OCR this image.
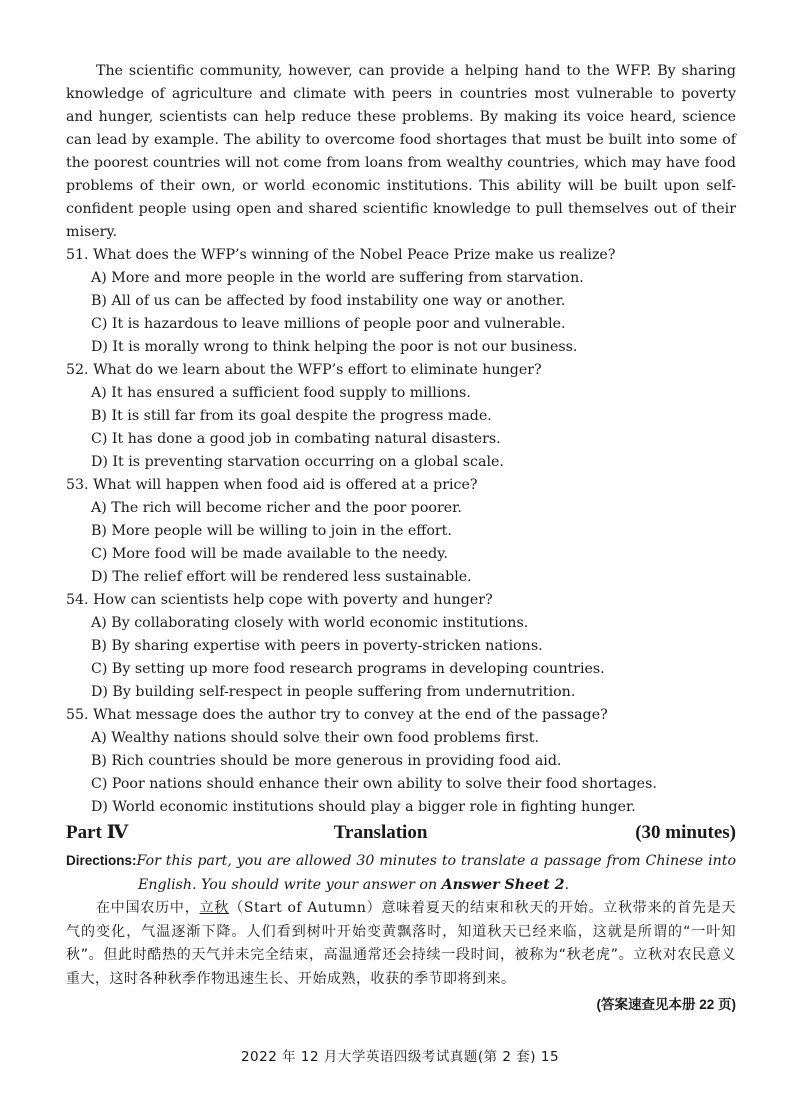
The scientific community, however, can provide a helping hand to the WFP. By sharing knowledge of agriculture and climate with peers in countries most vulnerable to poverty and hunger, scientists can help reduce these problems. By making its voice heard, science can lead by example. The ability to overcome food shortages that must be built into some of the poorest countries will not come from loans from wealthy countries, which may have food problems of their own, or world economic institutions. This ability will be built upon self-confident people using open and shared scientific knowledge to pull themselves out of their misery.

51. What does the WFP’s winning of the Nobel Peace Prize make us realize?

A) More and more people in the world are suffering from starvation.

B) All of us can be affected by food instability one way or another.

C) It is hazardous to leave millions of people poor and vulnerable.

D) It is morally wrong to think helping the poor is not our business.

52. What do we learn about the WFP’s effort to eliminate hunger?

A) It has ensured a sufficient food supply to millions.

B) It is still far from its goal despite the progress made.

C) It has done a good job in combating natural disasters.

D) It is preventing starvation occurring on a global scale.

53. What will happen when food aid is offered at a price?

A) The rich will become richer and the poor poorer.

B) More people will be willing to join in the effort.

C) More food will be made available to the needy.

D) The relief effort will be rendered less sustainable.

54. How can scientists help cope with poverty and hunger?

A) By collaborating closely with world economic institutions.

B) By sharing expertise with peers in poverty-stricken nations.

C) By setting up more food research programs in developing countries.

D) By building self-respect in people suffering from undernutrition.

55. What message does the author try to convey at the end of the passage?

A) Wealthy nations should solve their own food problems first.

B) Rich countries should be more generous in providing food aid.

C) Poor nations should enhance their own ability to solve their food shortages.

D) World economic institutions should play a bigger role in fighting hunger.

Part Ⅳ	Translation	(30 minutes)

Directions:For this part, you are allowed 30 minutes to translate a passage from Chinese into English. You should write your answer on Answer Sheet 2.

在中国农历中，立秋（Start of Autumn）意味着夏天的结束和秋天的开始。立秋带来的首先是天气的变化，气温逐渐下降。人们看到树叶开始变黄飘落时，知道秋天已经来临，这就是所谓的“一叶知秋”。但此时酷热的天气并未完全结束，高温通常还会持续一段时间，被称为“秋老虎”。立秋对农民意义重大，这时各种秋季作物迅速生长、开始成熟，收获的季节即将到来。

(答案速查见本册 22 页)
2022 年 12 月大学英语四级考试真题(第 2 套) 15
